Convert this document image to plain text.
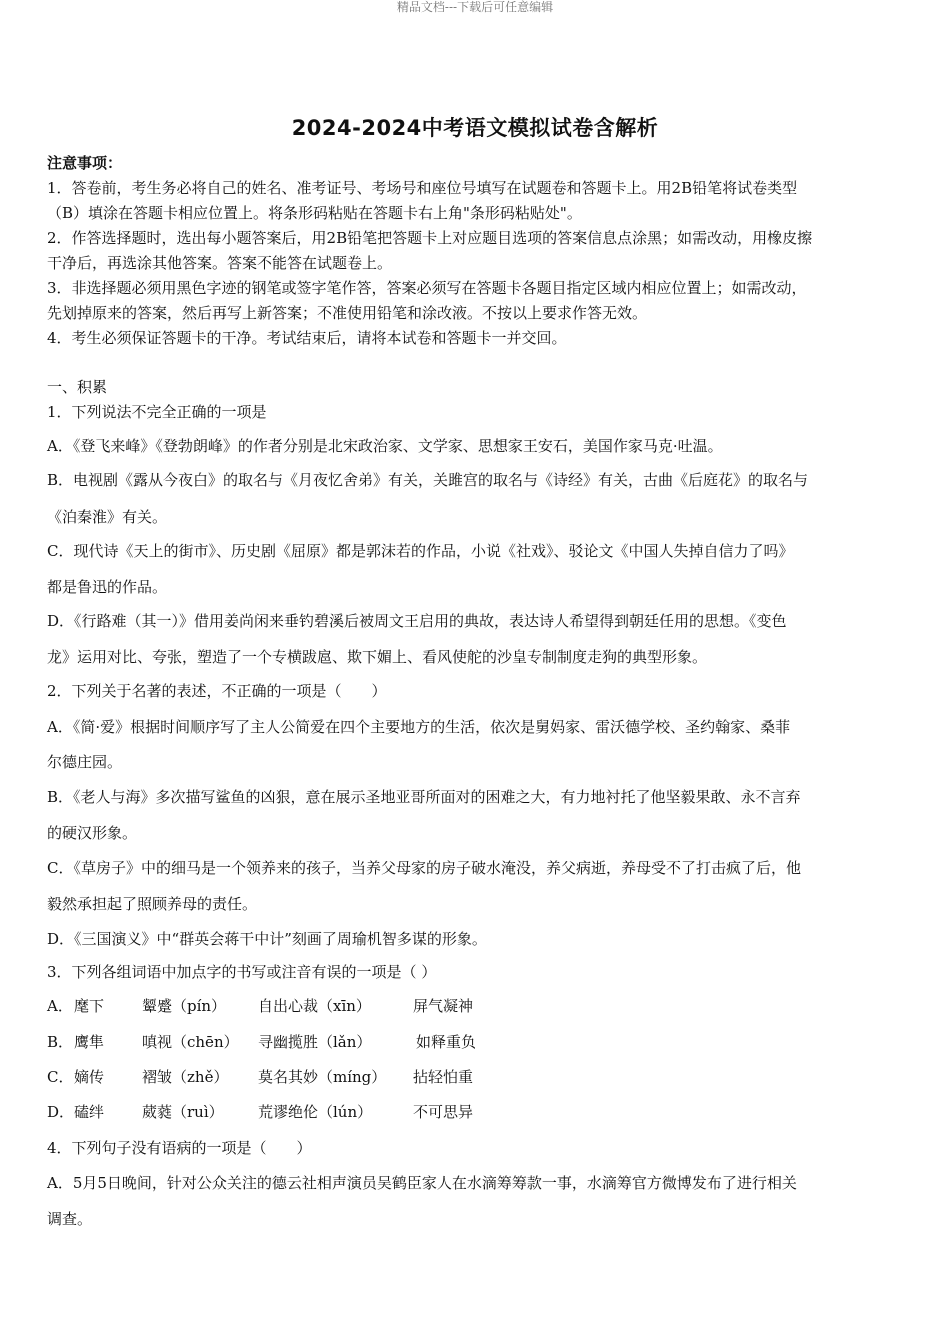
精品文档---下载后可任意编辑
2024-2024中考语文模拟试卷含解析
注意事项：
1．答卷前，考生务必将自己的姓名、准考证号、考场号和座位号填写在试题卷和答题卡上。用2B铅笔将试卷类型
（B）填涂在答题卡相应位置上。将条形码粘贴在答题卡右上角"条形码粘贴处"。
2．作答选择题时，选出每小题答案后，用2B铅笔把答题卡上对应题目选项的答案信息点涂黑；如需改动，用橡皮擦
干净后，再选涂其他答案。答案不能答在试题卷上。
3．非选择题必须用黑色字迹的钢笔或签字笔作答，答案必须写在答题卡各题目指定区域内相应位置上；如需改动，
先划掉原来的答案，然后再写上新答案；不准使用铅笔和涂改液。不按以上要求作答无效。
4．考生必须保证答题卡的干净。考试结束后，请将本试卷和答题卡一并交回。
一、积累
1．下列说法不完全正确的一项是
A．《登飞来峰》《登勃朗峰》的作者分别是北宋政治家、文学家、思想家王安石，美国作家马克·吐温。
B．电视剧《露从今夜白》的取名与《月夜忆舍弟》有关，关雎宫的取名与《诗经》有关，古曲《后庭花》的取名与
《泊秦淮》有关。
C．现代诗《天上的街市》、历史剧《屈原》都是郭沫若的作品，小说《社戏》、驳论文《中国人失掉自信力了吗》
都是鲁迅的作品。
D．《行路难（其一）》借用姜尚闲来垂钓碧溪后被周文王启用的典故，表达诗人希望得到朝廷任用的思想。《变色
龙》运用对比、夸张，塑造了一个专横跋扈、欺下媚上、看风使舵的沙皇专制制度走狗的典型形象。
2．下列关于名著的表述，不正确的一项是（　　）
A．《简·爱》根据时间顺序写了主人公简爱在四个主要地方的生活，依次是舅妈家、雷沃德学校、圣约翰家、桑菲
尔德庄园。
B．《老人与海》多次描写鲨鱼的凶狠，意在展示圣地亚哥所面对的困难之大，有力地衬托了他坚毅果敢、永不言弃
的硬汉形象。
C．《草房子》中的细马是一个领养来的孩子，当养父母家的房子破水淹没，养父病逝，养母受不了打击疯了后，他
毅然承担起了照顾养母的责任。
D．《三国演义》中“群英会蒋干中计”刻画了周瑜机智多谋的形象。
3．下列各组词语中加点字的书写或注音有误的一项是（ ）
A． 麾下	颦蹙（pín） 自出心裁（xīn）	屏气凝神
B． 鹰隼	嗔视（chēn） 寻幽揽胜（lǎn）	如释重负
C． 嫡传	褶皱（zhě） 莫名其妙（míng） 拈轻怕重
D． 磕绊	葳蕤（ruì） 荒谬绝伦（lún）	不可思异
4．下列句子没有语病的一项是（　　）
A．5月5日晚间，针对公众关注的德云社相声演员吴鹤臣家人在水滴筹筹款一事，水滴筹官方微博发布了进行相关
调查。
